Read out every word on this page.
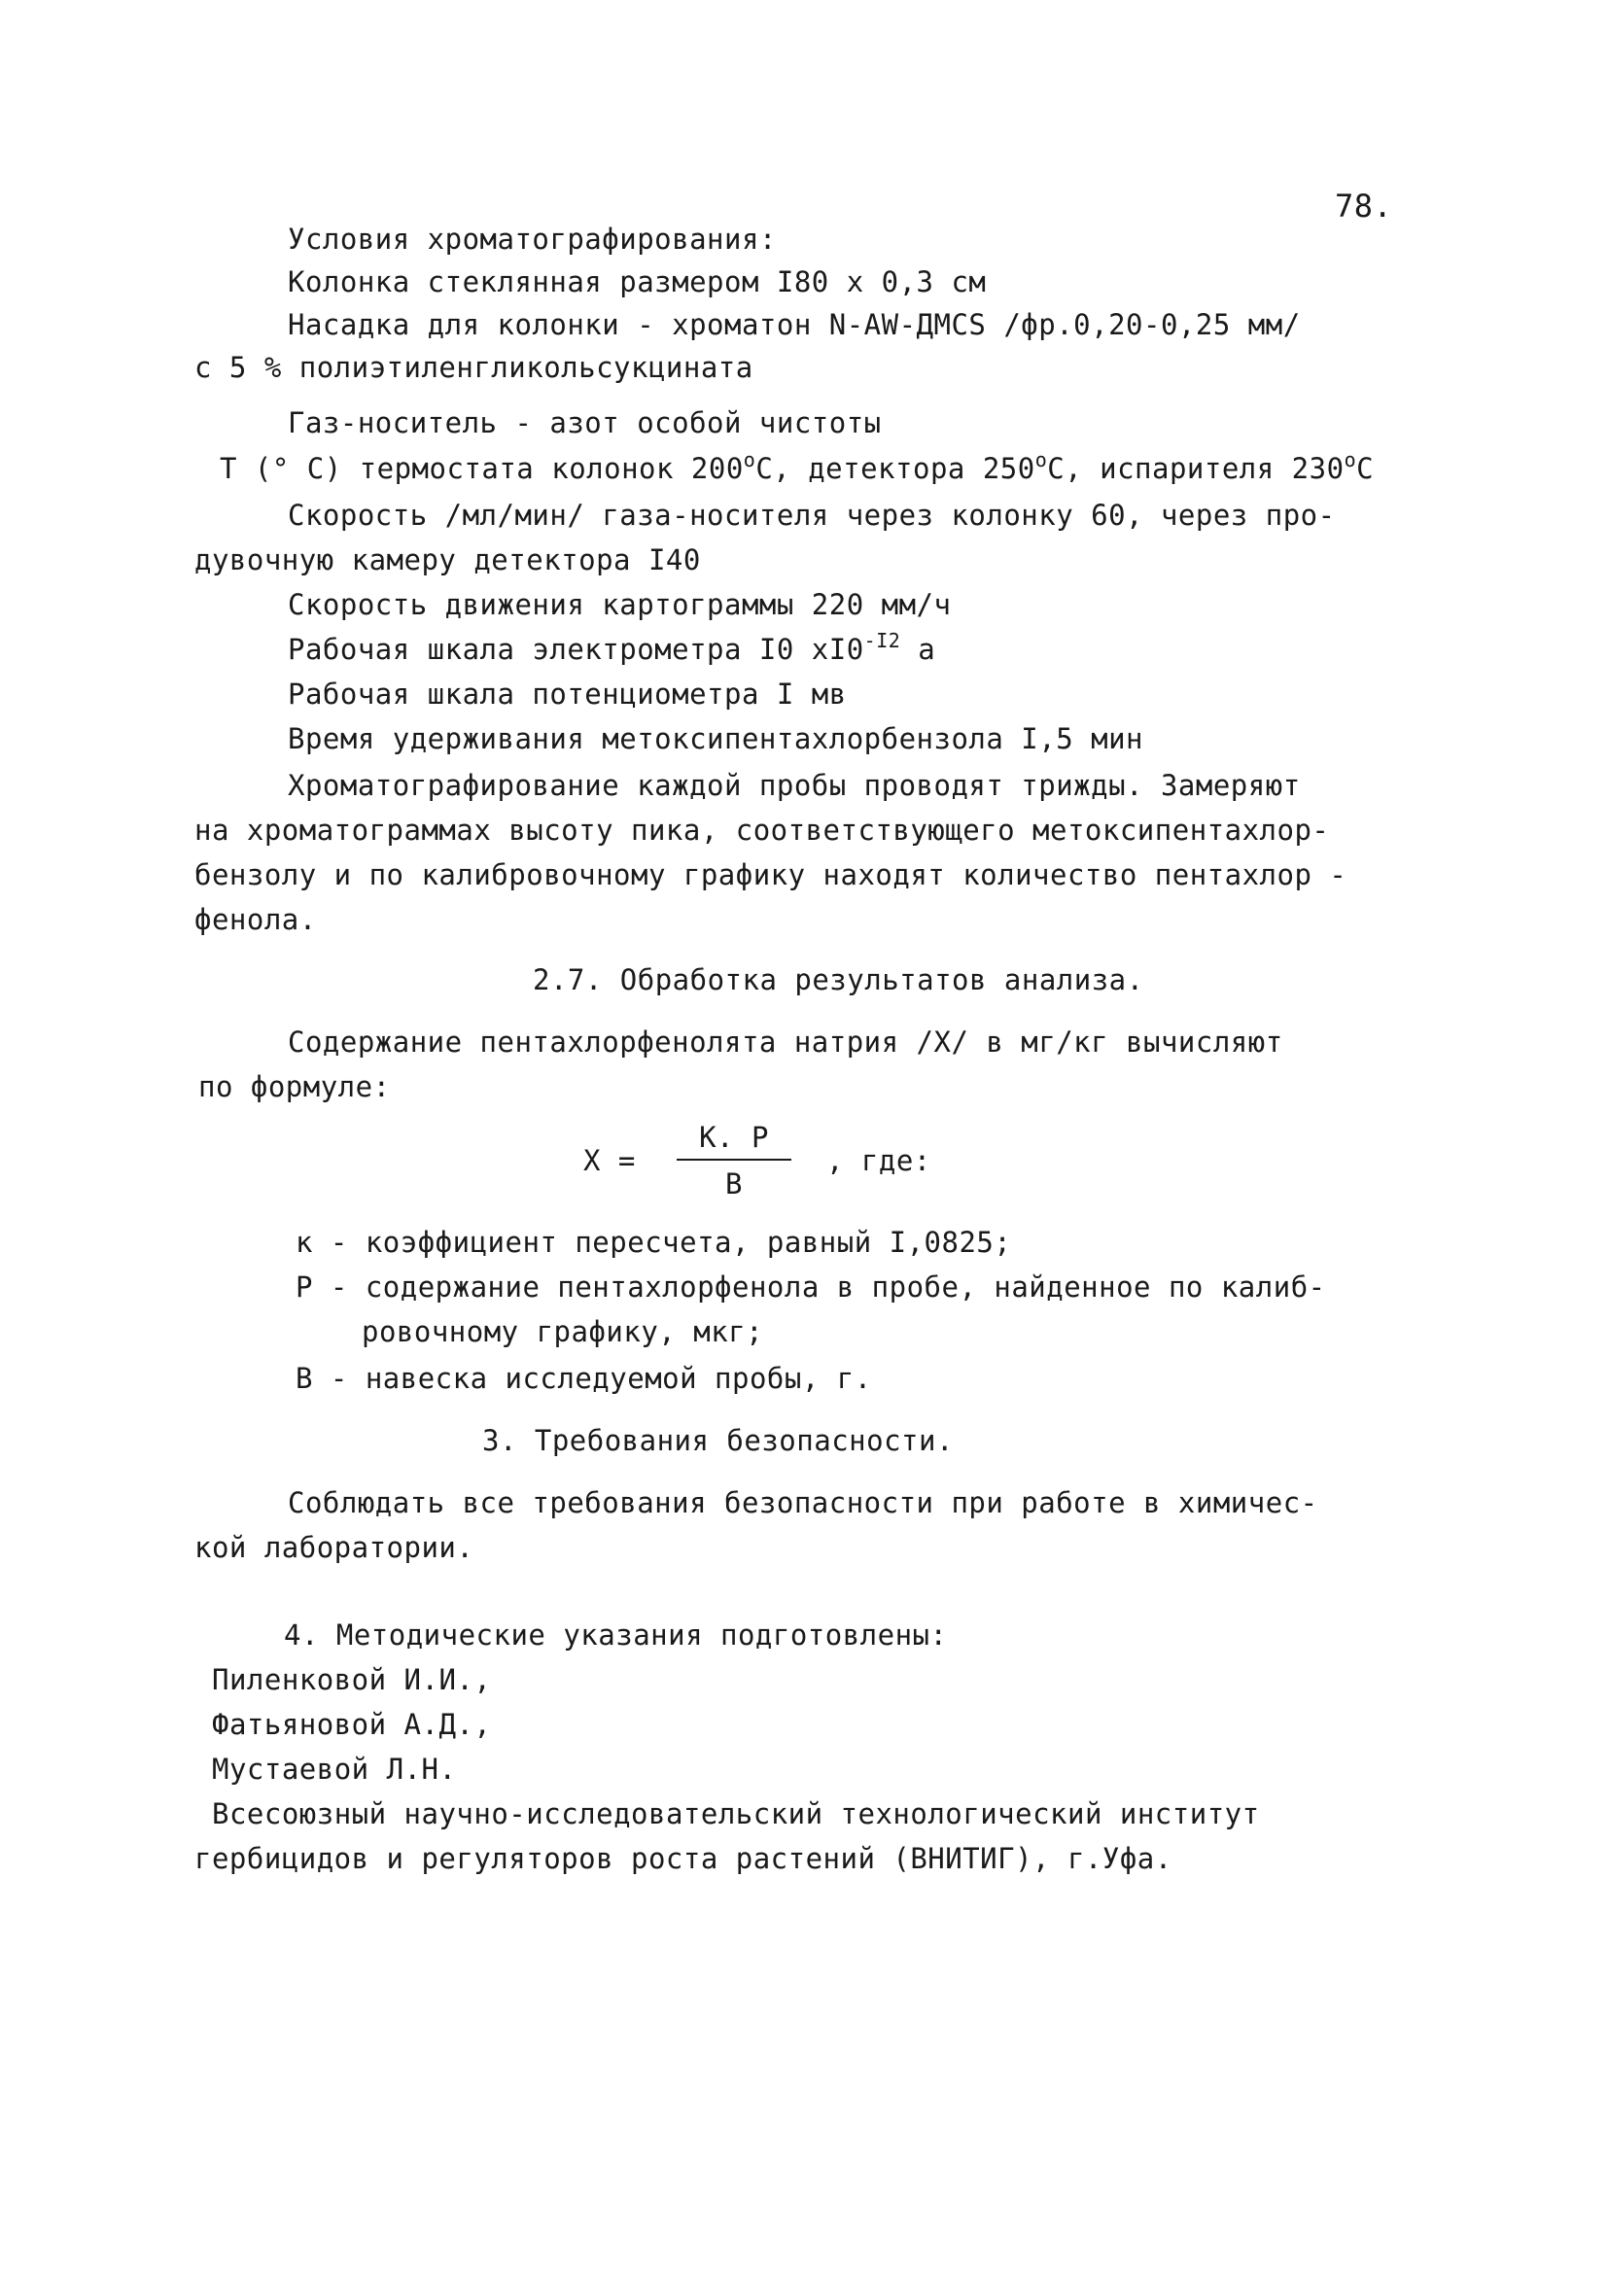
78.
Условия хроматографирования:
Колонка стеклянная размером I80 x 0,3 см
Насадка для колонки - хроматон N-AW-ДМCS /фр.0,20-0,25 мм/
с 5 % полиэтиленгликольсукцината
Газ-носитель - азот особой чистоты
T (° C) термостата колонок 200$^o$C, детектора 250$^o$C, испарителя 230$^o$C
Скорость /мл/мин/ газа-носителя через колонку 60, через про-
дувочную камеру детектора I40
Скорость движения картограммы 220 мм/ч
Рабочая шкала электрометра I0 $xI0^{-I2}$ a
Рабочая шкала потенциометра I мв
Время удерживания метоксипентахлорбензола I,5 мин
Хроматографирование каждой пробы проводят трижды. Замеряют
на хроматограммах высоту пика, соответствующего метоксипентахлор-
бензолу и по калибровочному графику находят количество пентахлор -
фенола.
2.7. Обработка результатов анализа.
Содержание пентахлорфенолята натрия /X/ в мг/кг вычисляют
по формуле:
X =
K. P
B
, где:
к - коэффициент пересчета, равный I,0825;
P - содержание пентахлорфенола в пробе, найденное по калиб-
ровочному графику, мкг;
B - навеска исследуемой пробы, г.
3. Требования безопасности.
Соблюдать все требования безопасности при работе в химичес-
кой лаборатории.
4. Методические указания подготовлены:
Пиленковой И.И.,
Фатьяновой А.Д.,
Мустаевой Л.Н.
Всесоюзный научно-исследовательский технологический институт
гербицидов и регуляторов роста растений (ВНИТИГ), г.Уфа.
